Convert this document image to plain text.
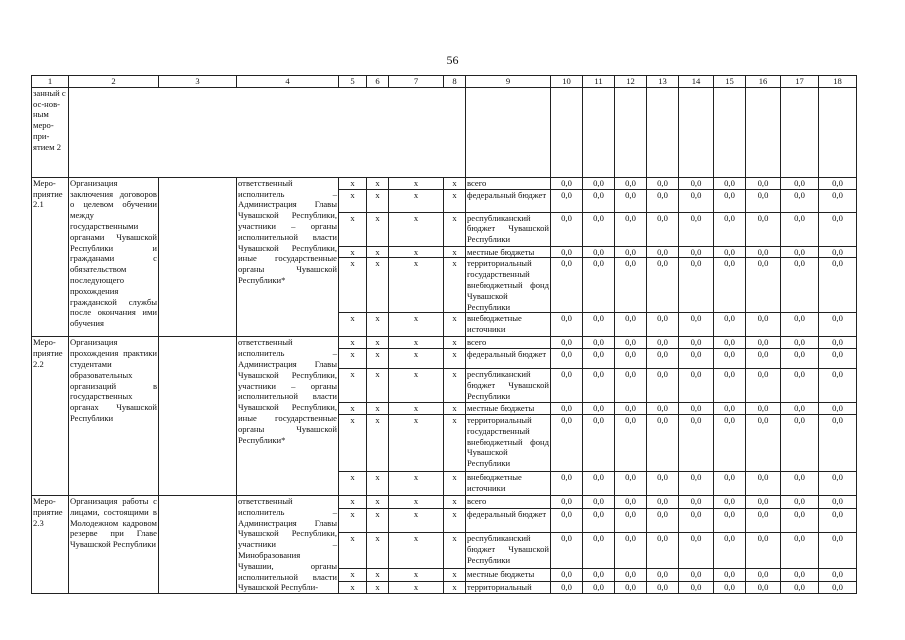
56
1	2	3	4	5	6	7	8	9	10	11	12	13	14	15	16	17	18
занный с ос-нов-ным меро-при-ятием 2																	
Меро-приятие 2.1	Организация заключения договоров о целевом обучении между государственными органами Чувашской Республики и гражданами с обязательством последующего прохождения гражданской службы после окончания ими обучения		ответственный исполнитель – Администрация Главы Чувашской Республики, участники – органы исполнительной власти Чувашской Республики, иные государственные органы Чувашской Республики*	x	x	x	x	всего	0,0	0,0	0,0	0,0	0,0	0,0	0,0	0,0	0,0
				x	x	x	x	федеральный бюджет	0,0	0,0	0,0	0,0	0,0	0,0	0,0	0,0	0,0
				x	x	x	x	республиканский бюджет Чувашской Республики	0,0	0,0	0,0	0,0	0,0	0,0	0,0	0,0	0,0
				x	x	x	x	местные бюджеты	0,0	0,0	0,0	0,0	0,0	0,0	0,0	0,0	0,0
				x	x	x	x	территориальный государственный внебюджетный фонд Чувашской Республики	0,0	0,0	0,0	0,0	0,0	0,0	0,0	0,0	0,0
				x	x	x	x	внебюджетные источники	0,0	0,0	0,0	0,0	0,0	0,0	0,0	0,0	0,0
Меро-приятие 2.2	Организация прохождения практики студентами образовательных организаций в государственных органах Чувашской Республики		ответственный исполнитель – Администрация Главы Чувашской Республики, участники – органы исполнительной власти Чувашской Республики, иные государственные органы Чувашской Республики*	x	x	x	x	всего	0,0	0,0	0,0	0,0	0,0	0,0	0,0	0,0	0,0
				x	x	x	x	федеральный бюджет	0,0	0,0	0,0	0,0	0,0	0,0	0,0	0,0	0,0
				x	x	x	x	республиканский бюджет Чувашской Республики	0,0	0,0	0,0	0,0	0,0	0,0	0,0	0,0	0,0
				x	x	x	x	местные бюджеты	0,0	0,0	0,0	0,0	0,0	0,0	0,0	0,0	0,0
				x	x	x	x	территориальный государственный внебюджетный фонд Чувашской Республики	0,0	0,0	0,0	0,0	0,0	0,0	0,0	0,0	0,0
				x	x	x	x	внебюджетные источники	0,0	0,0	0,0	0,0	0,0	0,0	0,0	0,0	0,0
Меро-приятие 2.3	Организация работы с лицами, состоящими в Молодежном кадровом резерве при Главе Чувашской Республики		ответственный исполнитель – Администрация Главы Чувашской Республики, участники – Минобразования Чувашии, органы исполнительной власти Чувашской Республи-	x	x	x	x	всего	0,0	0,0	0,0	0,0	0,0	0,0	0,0	0,0	0,0
				x	x	x	x	федеральный бюджет	0,0	0,0	0,0	0,0	0,0	0,0	0,0	0,0	0,0
				x	x	x	x	республиканский бюджет Чувашской Республики	0,0	0,0	0,0	0,0	0,0	0,0	0,0	0,0	0,0
				x	x	x	x	местные бюджеты	0,0	0,0	0,0	0,0	0,0	0,0	0,0	0,0	0,0
				x	x	x	x	территориальный	0,0	0,0	0,0	0,0	0,0	0,0	0,0	0,0	0,0
